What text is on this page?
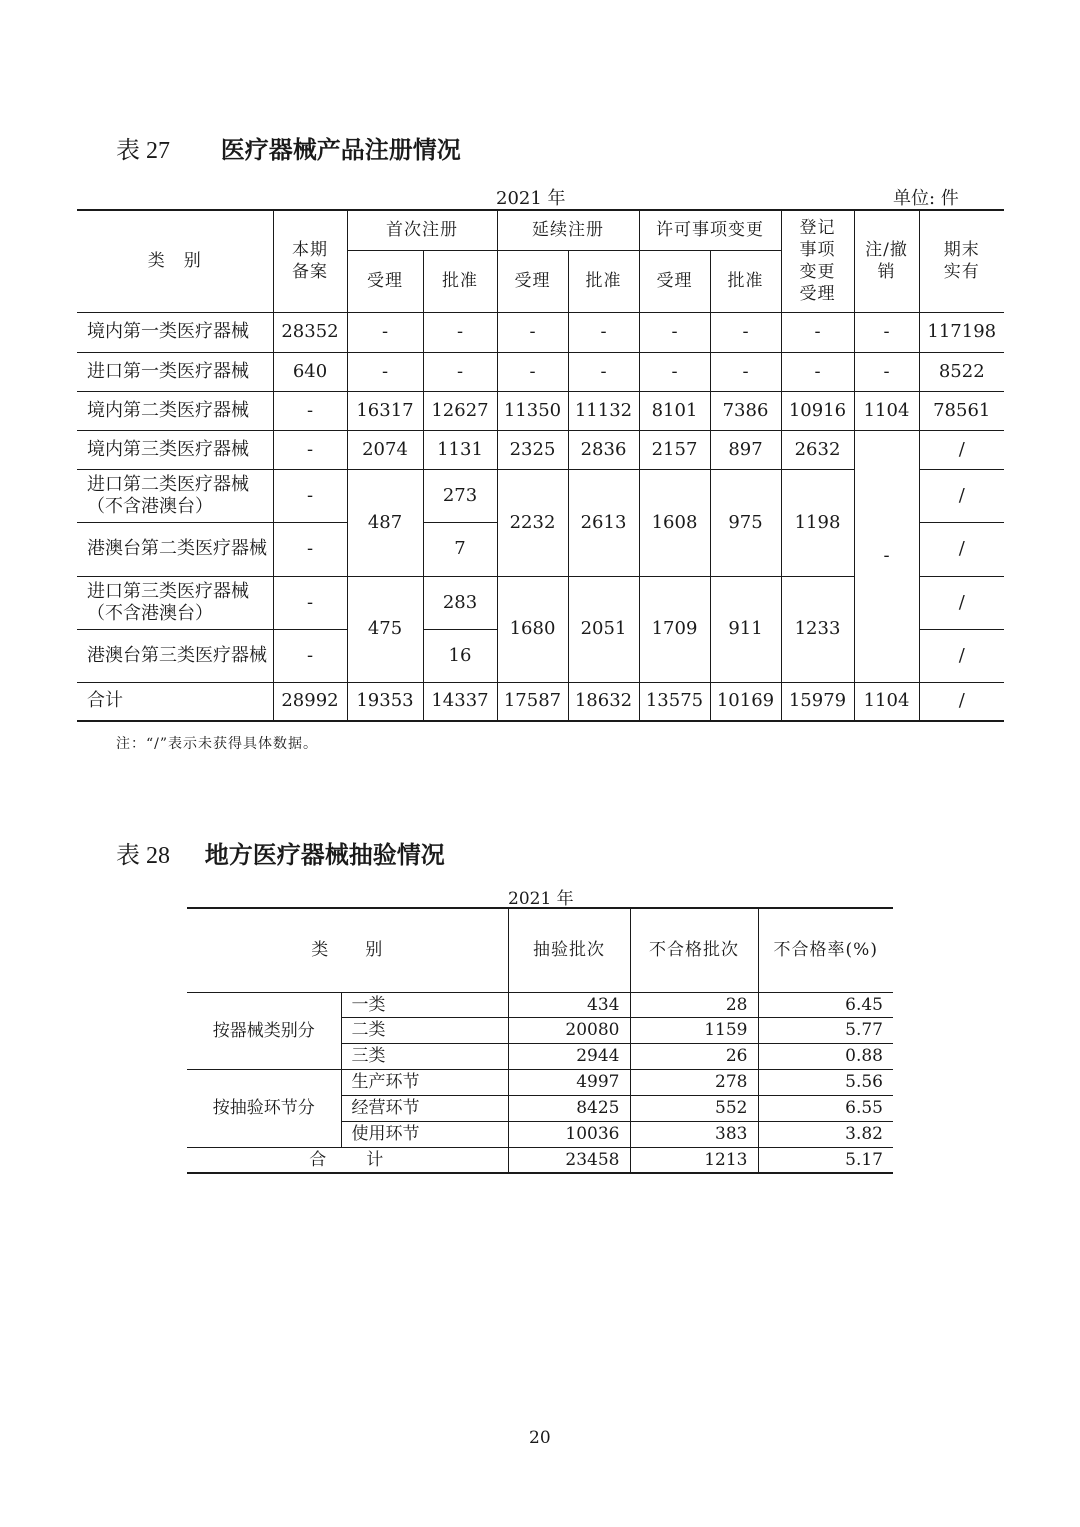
表 27 医疗器械产品注册情况
2021 年	单位: 件
类　别	本期备案	首次注册		延续注册		许可事项变更		登记事项变更受理	注/撤销	期末实有
		受理	批准	受理	批准	受理	批准			
境内第一类医疗器械	28352	-	-	-	-	-	-	-	-	117198
进口第一类医疗器械	640	-	-	-	-	-	-	-	-	8522
境内第二类医疗器械	-	16317	12627	11350	11132	8101	7386	10916	1104	78561
境内第三类医疗器械	-	2074	1131	2325	2836	2157	897	2632	-	/
进口第二类医疗器械（不含港澳台）	-	487	273	2232	2613	1608	975	1198		/
港澳台第二类医疗器械	-		7							/
进口第三类医疗器械（不含港澳台）	-	475	283	1680	2051	1709	911	1233		/
港澳台第三类医疗器械	-		16							/
合计	28992	19353	14337	17587	18632	13575	10169	15979	1104	/
注：“/”表示未获得具体数据。
表 28 地方医疗器械抽验情况
2021 年
类　　别		抽验批次	不合格批次	不合格率(%)
按器械类别分	一类	434	28	6.45
	二类	20080	1159	5.77
	三类	2944	26	0.88
按抽验环节分	生产环节	4997	278	5.56
	经营环节	8425	552	6.55
	使用环节	10036	383	3.82
合　　计		23458	1213	5.17
20
